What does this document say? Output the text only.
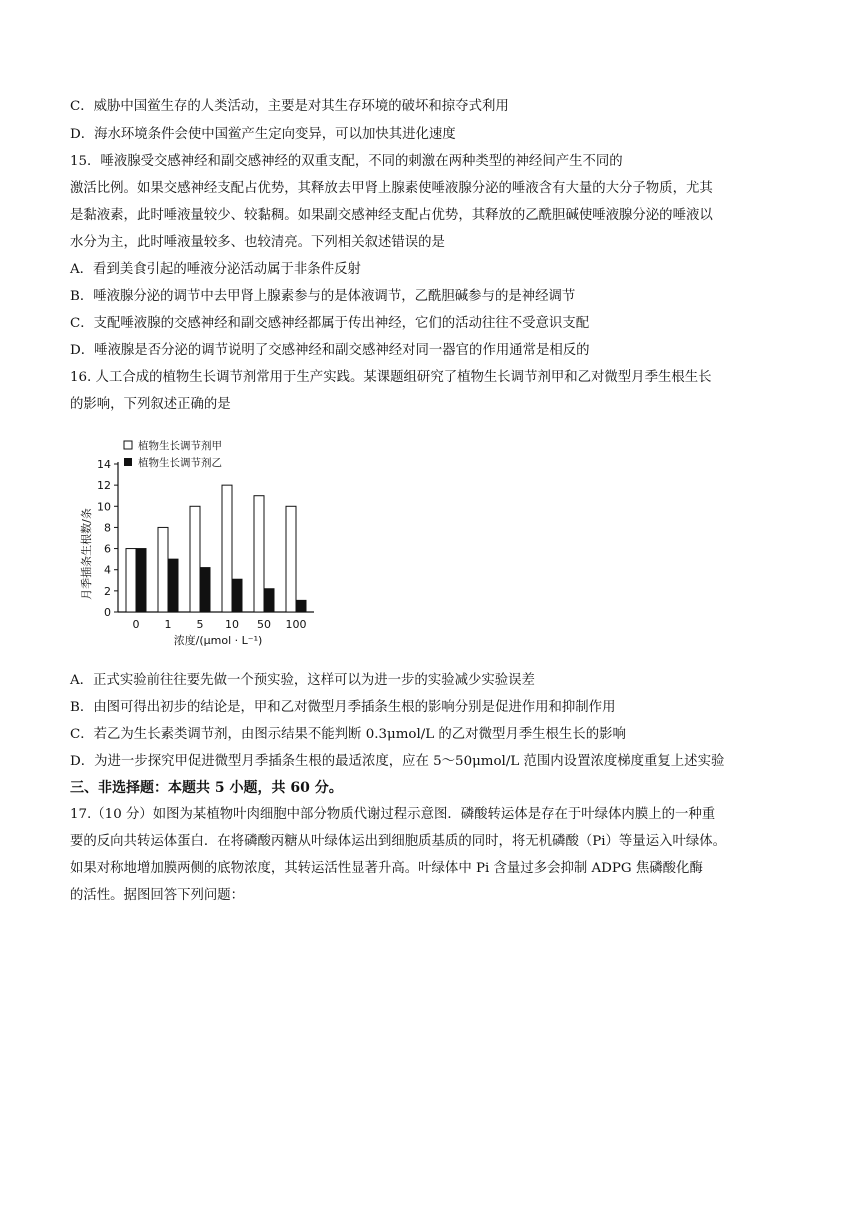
C．威胁中国鲎生存的人类活动，主要是对其生存环境的破坏和掠夺式利用
D．海水环境条件会使中国鲎产生定向变异，可以加快其进化速度
15．唾液腺受交感神经和副交感神经的双重支配，不同的刺激在两种类型的神经间产生不同的
激活比例。如果交感神经支配占优势，其释放去甲肾上腺素使唾液腺分泌的唾液含有大量的大分子物质，尤其
是黏液素，此时唾液量较少、较黏稠。如果副交感神经支配占优势，其释放的乙酰胆碱使唾液腺分泌的唾液以
水分为主，此时唾液量较多、也较清亮。下列相关叙述错误的是
A．看到美食引起的唾液分泌活动属于非条件反射
B．唾液腺分泌的调节中去甲肾上腺素参与的是体液调节，乙酰胆碱参与的是神经调节
C．支配唾液腺的交感神经和副交感神经都属于传出神经，它们的活动往往不受意识支配
D．唾液腺是否分泌的调节说明了交感神经和副交感神经对同一器官的作用通常是相反的
16. 人工合成的植物生长调节剂常用于生产实践。某课题组研究了植物生长调节剂甲和乙对微型月季生根生长
的影响，下列叙述正确的是
月季插条生根数/条
植物生长调节剂甲
植物生长调节剂乙
0
2
4
6
8
10
12
14
0 1 5 10 50 100
浓度/(μmol · L⁻¹)
A．正式实验前往往要先做一个预实验，这样可以为进一步的实验减少实验误差
B．由图可得出初步的结论是，甲和乙对微型月季插条生根的影响分别是促进作用和抑制作用
C．若乙为生长素类调节剂，由图示结果不能判断 0.3μmol/L 的乙对微型月季生根生长的影响
D．为进一步探究甲促进微型月季插条生根的最适浓度，应在 5～50μmol/L 范围内设置浓度梯度重复上述实验
三、非选择题：本题共 5 小题，共 60 分。
17.（10 分）如图为某植物叶肉细胞中部分物质代谢过程示意图．磷酸转运体是存在于叶绿体内膜上的一种重
要的反向共转运体蛋白．在将磷酸丙糖从叶绿体运出到细胞质基质的同时，将无机磷酸（Pi）等量运入叶绿体。
如果对称地增加膜两侧的底物浓度，其转运活性显著升高。叶绿体中 Pi 含量过多会抑制 ADPG 焦磷酸化酶
的活性。据图回答下列问题：
